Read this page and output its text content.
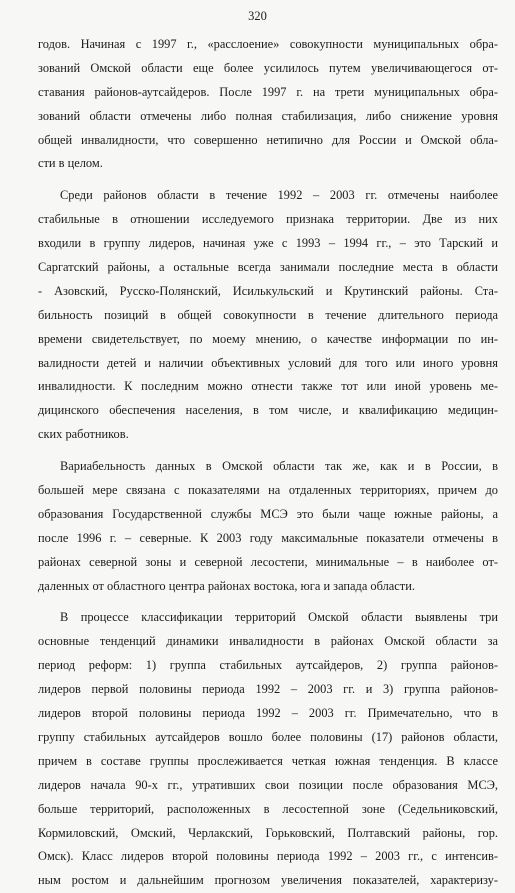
320
годов. Начиная с 1997 г., «расслоение» совокупности муниципальных обра-
зований Омской области еще более усилилось путем увеличивающегося от-
ставания районов-аутсайдеров. После 1997 г. на трети муниципальных обра-
зований области отмечены либо полная стабилизация, либо снижение уровня
общей инвалидности, что совершенно нетипично для России и Омской обла-
сти в целом.
Среди районов области в течение 1992 – 2003 гг. отмечены наиболее
стабильные в отношении исследуемого признака территории. Две из них
входили в группу лидеров, начиная уже с 1993 – 1994 гг., – это Тарский и
Саргатский районы, а остальные всегда занимали последние места в области
- Азовский, Русско-Полянский, Исилькульский и Крутинский районы. Ста-
бильность позиций в общей совокупности в течение длительного периода
времени свидетельствует, по моему мнению, о качестве информации по ин-
валидности детей и наличии объективных условий для того или иного уровня
инвалидности. К последним можно отнести также тот или иной уровень ме-
дицинского обеспечения населения, в том числе, и квалификацию медицин-
ских работников.
Вариабельность данных в Омской области так же, как и в России, в
большей мере связана с показателями на отдаленных территориях, причем до
образования Государственной службы МСЭ это были чаще южные районы, а
после 1996 г. – северные. К 2003 году максимальные показатели отмечены в
районах северной зоны и северной лесостепи, минимальные – в наиболее от-
даленных от областного центра районах востока, юга и запада области.
В процессе классификации территорий Омской области выявлены три
основные тенденций динамики инвалидности в районах Омской области за
период реформ: 1) группа стабильных аутсайдеров, 2) группа районов-
лидеров первой половины периода 1992 – 2003 гг. и 3) группа районов-
лидеров второй половины периода 1992 – 2003 гг. Примечательно, что в
группу стабильных аутсайдеров вошло более половины (17) районов области,
причем в составе группы прослеживается четкая южная тенденция. В классе
лидеров начала 90-х гг., утративших свои позиции после образования МСЭ,
больше территорий, расположенных в лесостепной зоне (Седельниковский,
Кормиловский, Омский, Черлакский, Горьковский, Полтавский районы, гор.
Омск). Класс лидеров второй половины периода 1992 – 2003 гг., с интенсив-
ным ростом и дальнейшим прогнозом увеличения показателей, характеризу-
